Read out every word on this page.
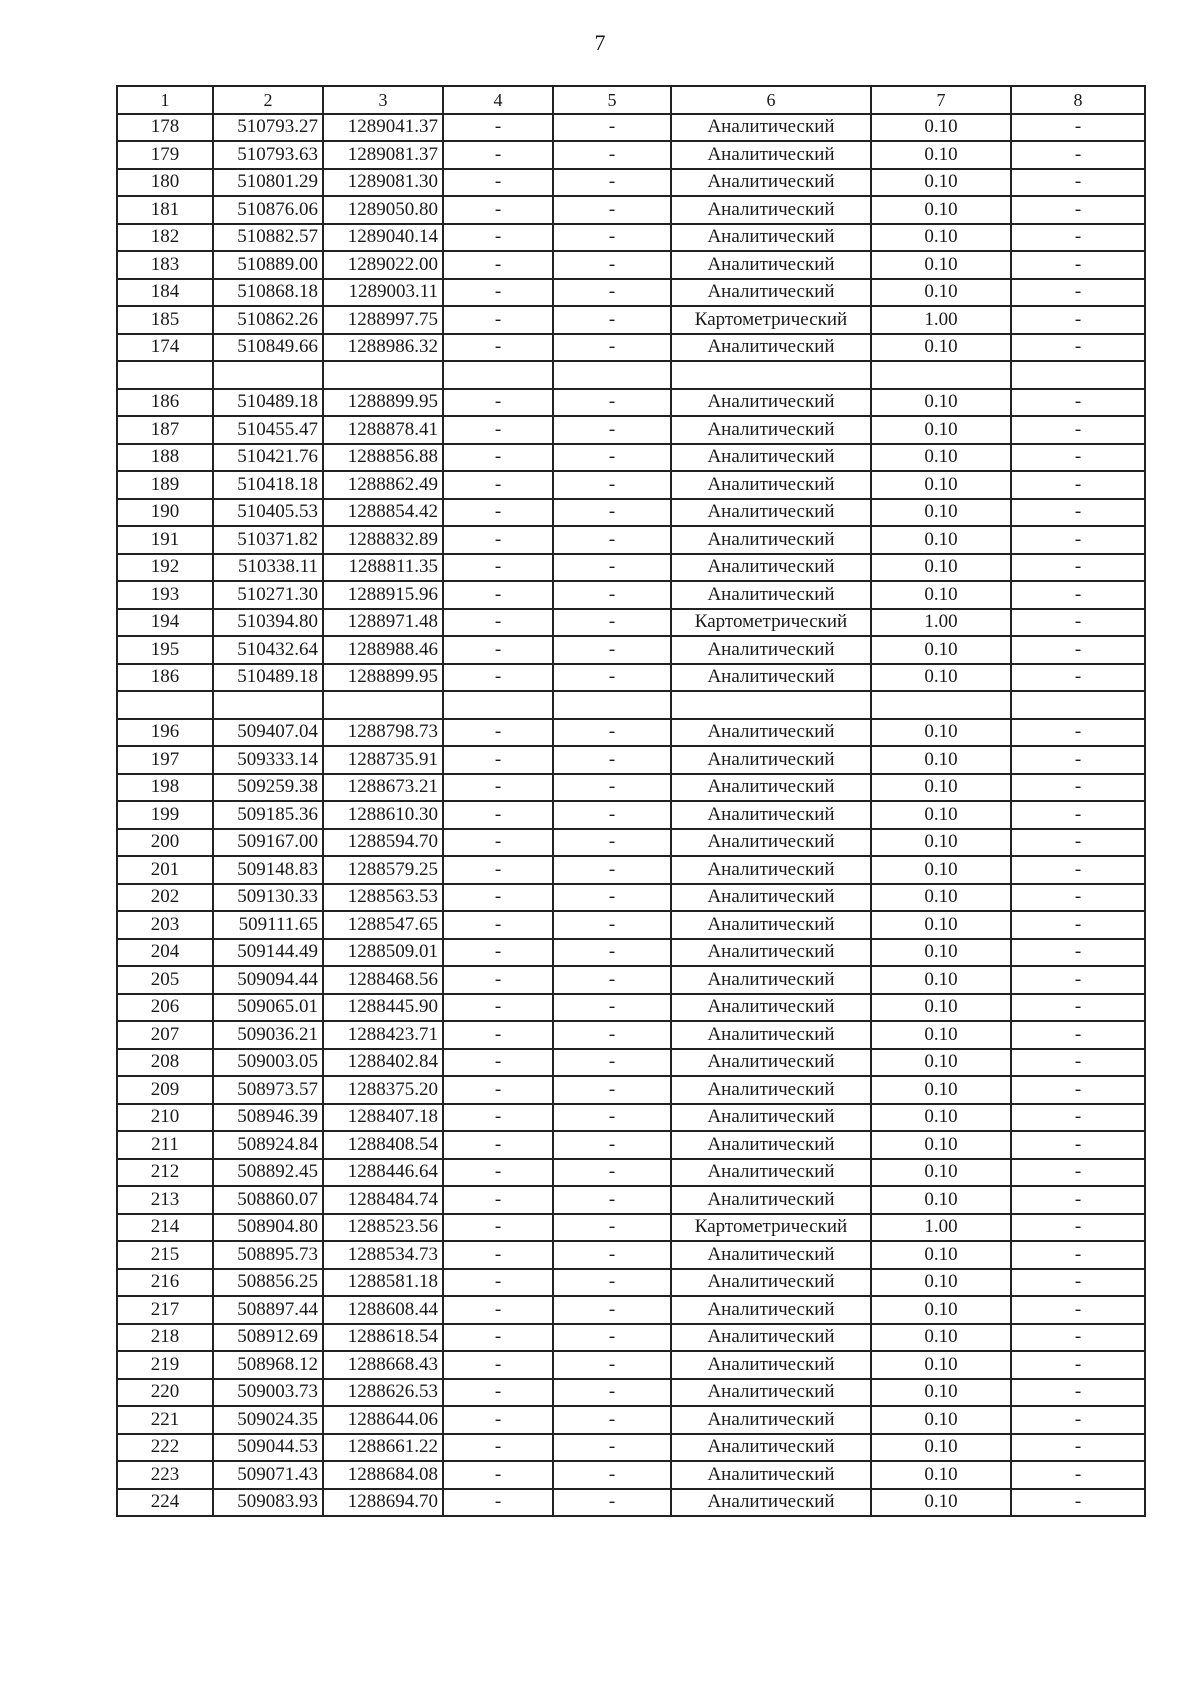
7
1	2	3	4	5	6	7	8
178	510793.27	1289041.37	-	-	Аналитический	0.10	-
179	510793.63	1289081.37	-	-	Аналитический	0.10	-
180	510801.29	1289081.30	-	-	Аналитический	0.10	-
181	510876.06	1289050.80	-	-	Аналитический	0.10	-
182	510882.57	1289040.14	-	-	Аналитический	0.10	-
183	510889.00	1289022.00	-	-	Аналитический	0.10	-
184	510868.18	1289003.11	-	-	Аналитический	0.10	-
185	510862.26	1288997.75	-	-	Картометрический	1.00	-
174	510849.66	1288986.32	-	-	Аналитический	0.10	-

186	510489.18	1288899.95	-	-	Аналитический	0.10	-
187	510455.47	1288878.41	-	-	Аналитический	0.10	-
188	510421.76	1288856.88	-	-	Аналитический	0.10	-
189	510418.18	1288862.49	-	-	Аналитический	0.10	-
190	510405.53	1288854.42	-	-	Аналитический	0.10	-
191	510371.82	1288832.89	-	-	Аналитический	0.10	-
192	510338.11	1288811.35	-	-	Аналитический	0.10	-
193	510271.30	1288915.96	-	-	Аналитический	0.10	-
194	510394.80	1288971.48	-	-	Картометрический	1.00	-
195	510432.64	1288988.46	-	-	Аналитический	0.10	-
186	510489.18	1288899.95	-	-	Аналитический	0.10	-

196	509407.04	1288798.73	-	-	Аналитический	0.10	-
197	509333.14	1288735.91	-	-	Аналитический	0.10	-
198	509259.38	1288673.21	-	-	Аналитический	0.10	-
199	509185.36	1288610.30	-	-	Аналитический	0.10	-
200	509167.00	1288594.70	-	-	Аналитический	0.10	-
201	509148.83	1288579.25	-	-	Аналитический	0.10	-
202	509130.33	1288563.53	-	-	Аналитический	0.10	-
203	509111.65	1288547.65	-	-	Аналитический	0.10	-
204	509144.49	1288509.01	-	-	Аналитический	0.10	-
205	509094.44	1288468.56	-	-	Аналитический	0.10	-
206	509065.01	1288445.90	-	-	Аналитический	0.10	-
207	509036.21	1288423.71	-	-	Аналитический	0.10	-
208	509003.05	1288402.84	-	-	Аналитический	0.10	-
209	508973.57	1288375.20	-	-	Аналитический	0.10	-
210	508946.39	1288407.18	-	-	Аналитический	0.10	-
211	508924.84	1288408.54	-	-	Аналитический	0.10	-
212	508892.45	1288446.64	-	-	Аналитический	0.10	-
213	508860.07	1288484.74	-	-	Аналитический	0.10	-
214	508904.80	1288523.56	-	-	Картометрический	1.00	-
215	508895.73	1288534.73	-	-	Аналитический	0.10	-
216	508856.25	1288581.18	-	-	Аналитический	0.10	-
217	508897.44	1288608.44	-	-	Аналитический	0.10	-
218	508912.69	1288618.54	-	-	Аналитический	0.10	-
219	508968.12	1288668.43	-	-	Аналитический	0.10	-
220	509003.73	1288626.53	-	-	Аналитический	0.10	-
221	509024.35	1288644.06	-	-	Аналитический	0.10	-
222	509044.53	1288661.22	-	-	Аналитический	0.10	-
223	509071.43	1288684.08	-	-	Аналитический	0.10	-
224	509083.93	1288694.70	-	-	Аналитический	0.10	-
